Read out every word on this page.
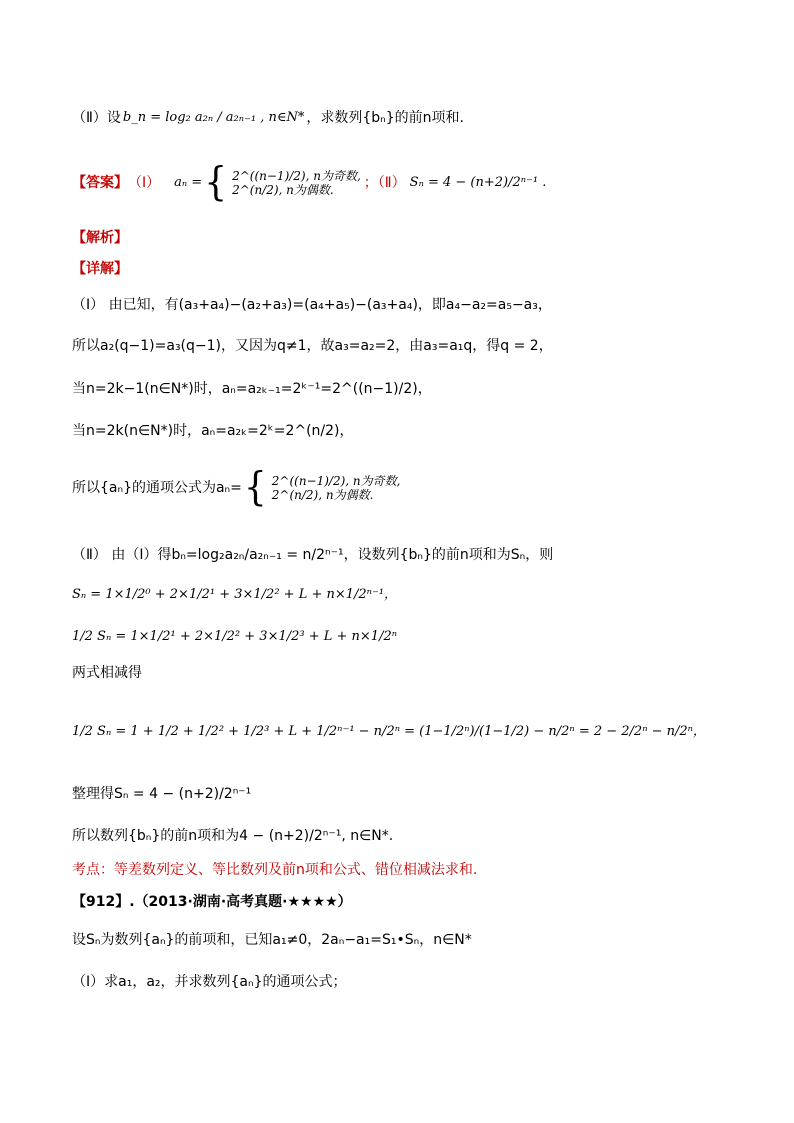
（Ⅱ）设 b_n = log₂ a₂ₙ / a₂ₙ₋₁ , n∈N* ，求数列{bₙ}的前n项和.
【答案】 （Ⅰ） aₙ = { 2^((n−1)/2), n为奇数,
2^(n/2), n为偶数.	；（Ⅱ） Sₙ = 4 − (n+2)/2ⁿ⁻¹ .
【解析】
【详解】
（Ⅰ） 由已知，有(a₃+a₄)−(a₂+a₃)=(a₄+a₅)−(a₃+a₄)，即a₄−a₂=a₅−a₃，
所以a₂(q−1)=a₃(q−1)，又因为q≠1，故a₃=a₂=2，由a₃=a₁q，得q = 2，
当n=2k−1(n∈N*)时，aₙ=a₂ₖ₋₁=2ᵏ⁻¹=2^((n−1)/2)，
当n=2k(n∈N*)时，aₙ=a₂ₖ=2ᵏ=2^(n/2)，
所以{aₙ}的通项公式为aₙ= { 2^((n−1)/2), n为奇数,
2^(n/2), n为偶数.
（Ⅱ） 由（Ⅰ）得bₙ=log₂a₂ₙ/a₂ₙ₋₁ = n/2ⁿ⁻¹，设数列{bₙ}的前n项和为Sₙ，则
Sₙ = 1×1/2⁰ + 2×1/2¹ + 3×1/2² + L + n×1/2ⁿ⁻¹，
1/2 Sₙ = 1×1/2¹ + 2×1/2² + 3×1/2³ + L + n×1/2ⁿ
两式相减得
1/2 Sₙ = 1 + 1/2 + 1/2² + 1/2³ + L + 1/2ⁿ⁻¹ − n/2ⁿ = (1−1/2ⁿ)/(1−1/2) − n/2ⁿ = 2 − 2/2ⁿ − n/2ⁿ，
整理得Sₙ = 4 − (n+2)/2ⁿ⁻¹
所以数列{bₙ}的前n项和为4 − (n+2)/2ⁿ⁻¹, n∈N*.
考点：等差数列定义、等比数列及前n项和公式、错位相减法求和.
【912】.（2013·湖南·高考真题·★★★★）
设Sₙ为数列{aₙ}的前项和，已知a₁≠0，2aₙ−a₁=S₁•Sₙ，n∈N*
（Ⅰ）求a₁，a₂，并求数列{aₙ}的通项公式；
